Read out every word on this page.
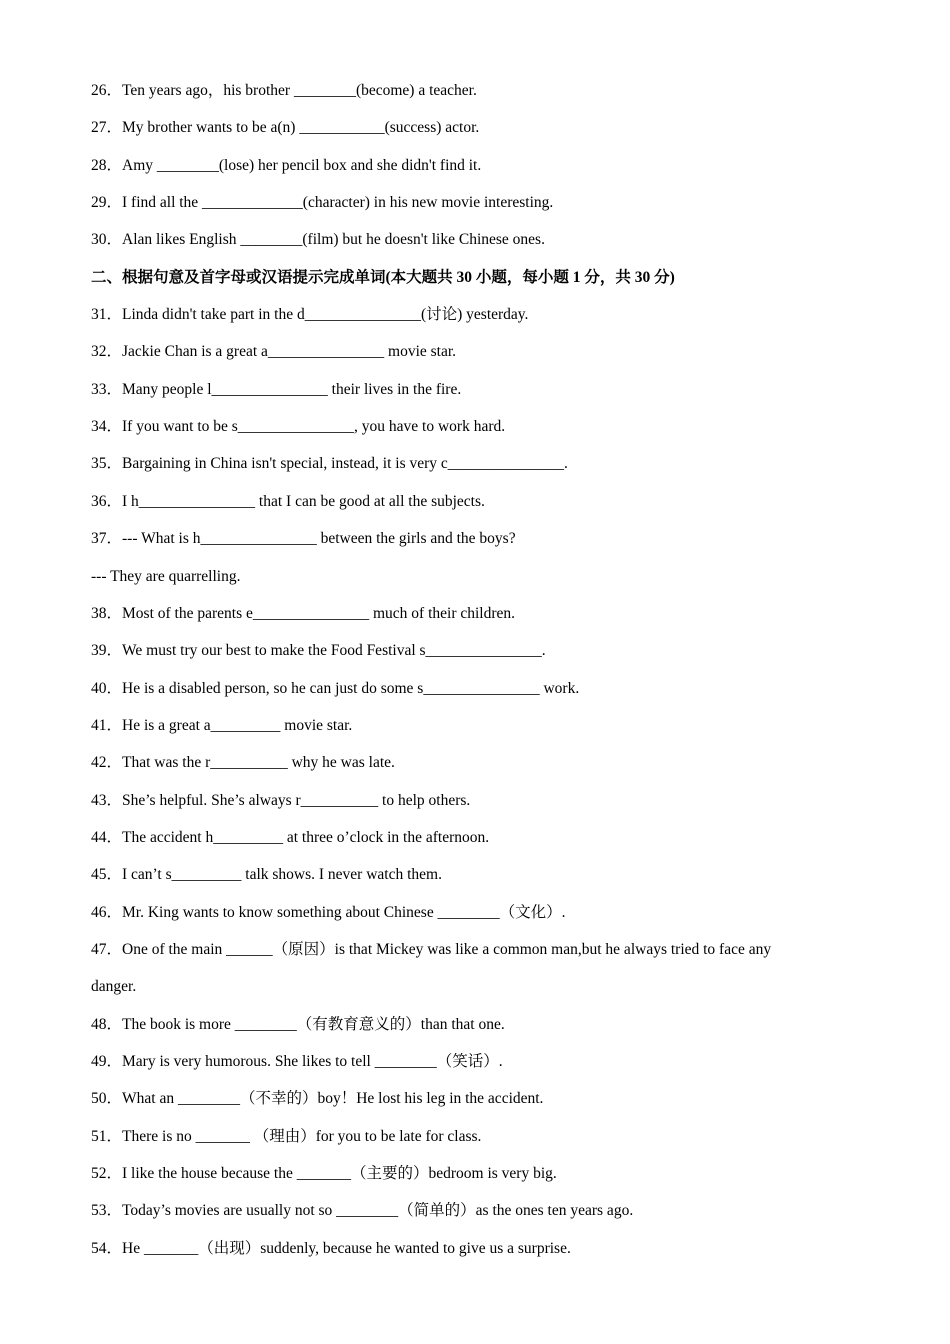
26．Ten years ago，his brother ________(become) a teacher.
27．My brother wants to be a(n) ___________(success) actor.
28．Amy ________(lose) her pencil box and she didn't find it.
29．I find all the _____________(character) in his new movie interesting.
30．Alan likes English ________(film) but he doesn't like Chinese ones.
二、根据句意及首字母或汉语提示完成单词(本大题共 30 小题，每小题 1 分，共 30 分)
31．Linda didn't take part in the d_______________(讨论) yesterday.
32．Jackie Chan is a great a_______________ movie star.
33．Many people l_______________ their lives in the fire.
34．If you want to be s_______________, you have to work hard.
35．Bargaining in China isn't special, instead, it is very c_______________.
36．I h_______________ that I can be good at all the subjects.
37．--- What is h_______________ between the girls and the boys?
--- They are quarrelling.
38．Most of the parents e_______________ much of their children.
39．We must try our best to make the Food Festival s_______________.
40．He is a disabled person, so he can just do some s_______________ work.
41．He is a great a_________ movie star.
42．That was the r__________ why he was late.
43．She’s helpful. She’s always r__________ to help others.
44．The accident h_________ at three o’clock in the afternoon.
45．I can’t s_________ talk shows. I never watch them.
46．Mr. King wants to know something about Chinese ________（文化）.
47．One of the main ______（原因）is that Mickey was like a common man,but he always tried to face any
danger.
48．The book is more ________（有教育意义的）than that one.
49．Mary is very humorous. She likes to tell ________（笑话）.
50．What an ________（不幸的）boy！He lost his leg in the accident.
51．There is no _______ （理由）for you to be late for class.
52．I like the house because the _______（主要的）bedroom is very big.
53．Today’s movies are usually not so ________（简单的）as the ones ten years ago.
54．He _______（出现）suddenly, because he wanted to give us a surprise.
